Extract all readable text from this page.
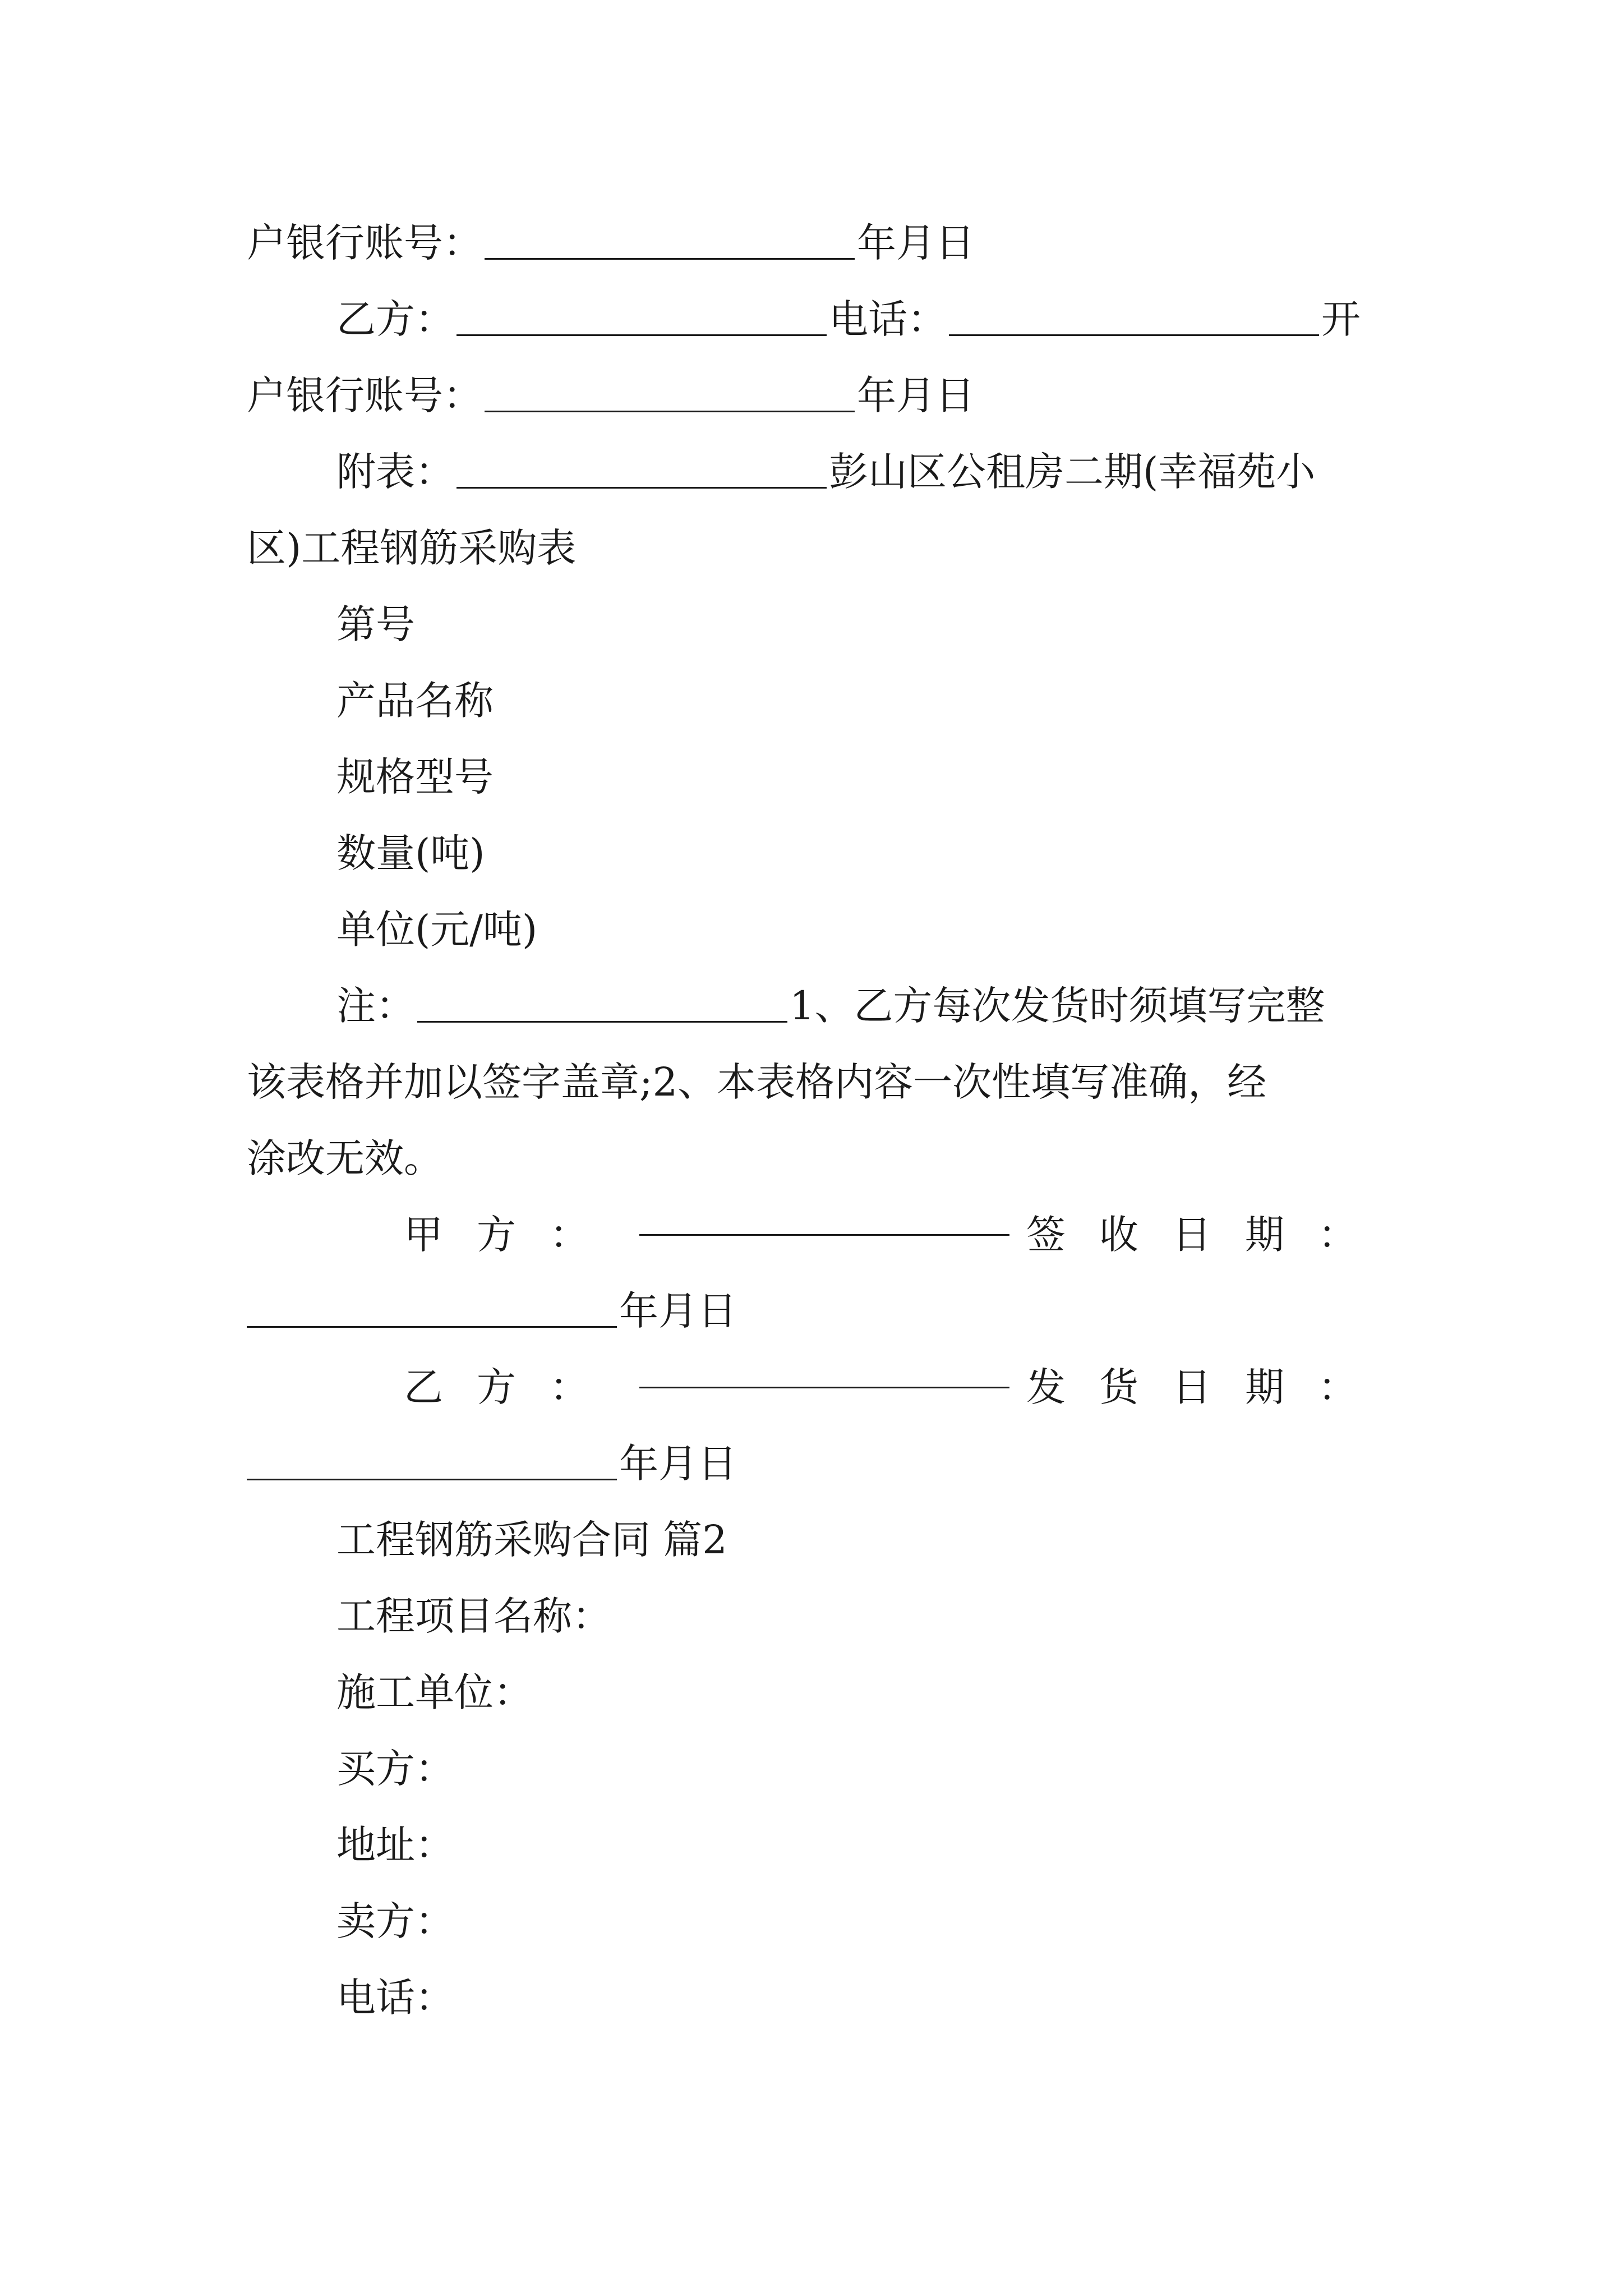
户银行账号：	年月日
乙方：	电话：	开
户银行账号：	年月日
附表：	彭山区公租房二期(幸福苑小
区)工程钢筋采购表
第号
产品名称
规格型号
数量(吨)
单位(元/吨)
注：	1、乙方每次发货时须填写完整
该表格并加以签字盖章;2、本表格内容一次性填写准确，经
涂改无效。
甲方：	签收日期：
年月日
乙方：	发货日期：
年月日
工程钢筋采购合同 篇2
工程项目名称：
施工单位：
买方：
地址：
卖方：
电话：
